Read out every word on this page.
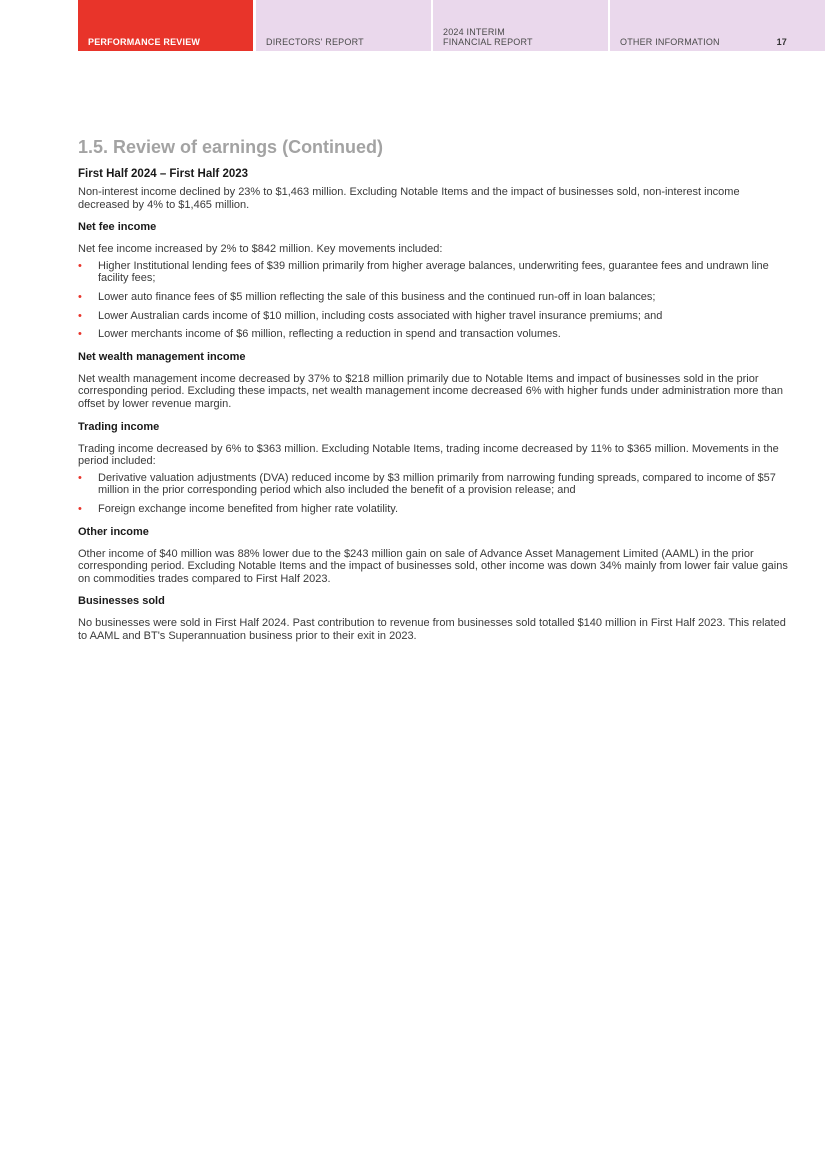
PERFORMANCE REVIEW	DIRECTORS' REPORT
2024 INTERIM
FINANCIAL REPORT	OTHER INFORMATION	17
1.5. Review of earnings (Continued)
First Half 2024 – First Half 2023

Non-interest income declined by 23% to $1,463 million. Excluding Notable Items and the impact of businesses sold, non-interest income decreased by 4% to $1,465 million.

Net fee income

Net fee income increased by 2% to $842 million. Key movements included:

• Higher Institutional lending fees of $39 million primarily from higher average balances, underwriting fees, guarantee fees and undrawn line facility fees;
• Lower auto finance fees of $5 million reflecting the sale of this business and the continued run-off in loan balances;
• Lower Australian cards income of $10 million, including costs associated with higher travel insurance premiums; and
• Lower merchants income of $6 million, reflecting a reduction in spend and transaction volumes.
Net wealth management income

Net wealth management income decreased by 37% to $218 million primarily due to Notable Items and impact of businesses sold in the prior corresponding period. Excluding these impacts, net wealth management income decreased 6% with higher funds under administration more than offset by lower revenue margin.

Trading income

Trading income decreased by 6% to $363 million. Excluding Notable Items, trading income decreased by 11% to $365 million. Movements in the period included:

• Derivative valuation adjustments (DVA) reduced income by $3 million primarily from narrowing funding spreads, compared to income of $57 million in the prior corresponding period which also included the benefit of a provision release; and
• Foreign exchange income benefited from higher rate volatility.
Other income

Other income of $40 million was 88% lower due to the $243 million gain on sale of Advance Asset Management Limited (AAML) in the prior corresponding period. Excluding Notable Items and the impact of businesses sold, other income was down 34% mainly from lower fair value gains on commodities trades compared to First Half 2023.

Businesses sold

No businesses were sold in First Half 2024. Past contribution to revenue from businesses sold totalled $140 million in First Half 2023. This related to AAML and BT's Superannuation business prior to their exit in 2023.
